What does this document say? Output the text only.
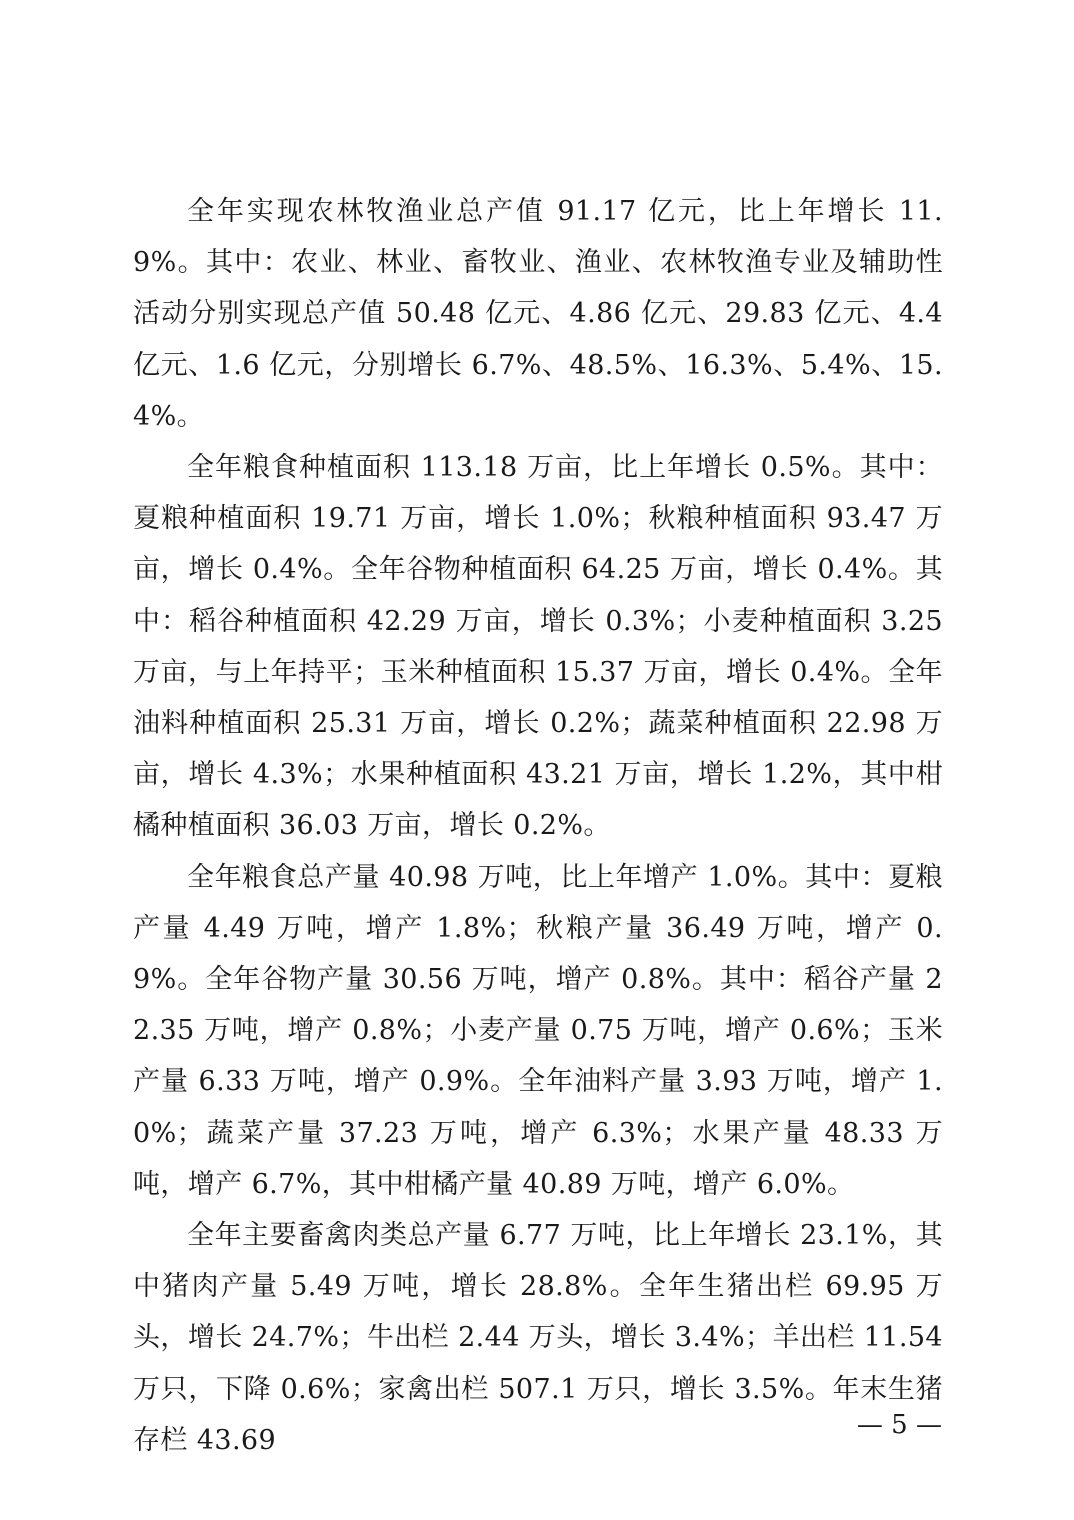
全年实现农林牧渔业总产值 91.17 亿元，比上年增长 11.9%。其中：农业、林业、畜牧业、渔业、农林牧渔专业及辅助性活动分别实现总产值 50.48 亿元、4.86 亿元、29.83 亿元、4.4 亿元、1.6 亿元，分别增长 6.7%、48.5%、16.3%、5.4%、15.4%。

全年粮食种植面积 113.18 万亩，比上年增长 0.5%。其中：夏粮种植面积 19.71 万亩，增长 1.0%；秋粮种植面积 93.47 万亩，增长 0.4%。全年谷物种植面积 64.25 万亩，增长 0.4%。其中：稻谷种植面积 42.29 万亩，增长 0.3%；小麦种植面积 3.25 万亩，与上年持平；玉米种植面积 15.37 万亩，增长 0.4%。全年油料种植面积 25.31 万亩，增长 0.2%；蔬菜种植面积 22.98 万亩，增长 4.3%；水果种植面积 43.21 万亩，增长 1.2%，其中柑橘种植面积 36.03 万亩，增长 0.2%。

全年粮食总产量 40.98 万吨，比上年增产 1.0%。其中：夏粮产量 4.49 万吨，增产 1.8%；秋粮产量 36.49 万吨，增产 0.9%。全年谷物产量 30.56 万吨，增产 0.8%。其中：稻谷产量 22.35 万吨，增产 0.8%；小麦产量 0.75 万吨，增产 0.6%；玉米产量 6.33 万吨，增产 0.9%。全年油料产量 3.93 万吨，增产 1.0%；蔬菜产量 37.23 万吨，增产 6.3%；水果产量 48.33 万吨，增产 6.7%，其中柑橘产量 40.89 万吨，增产 6.0%。

全年主要畜禽肉类总产量 6.77 万吨，比上年增长 23.1%，其中猪肉产量 5.49 万吨，增长 28.8%。全年生猪出栏 69.95 万头，增长 24.7%；牛出栏 2.44 万头，增长 3.4%；羊出栏 11.54 万只，下降 0.6%；家禽出栏 507.1 万只，增长 3.5%。年末生猪存栏 43.69	— 5 —
